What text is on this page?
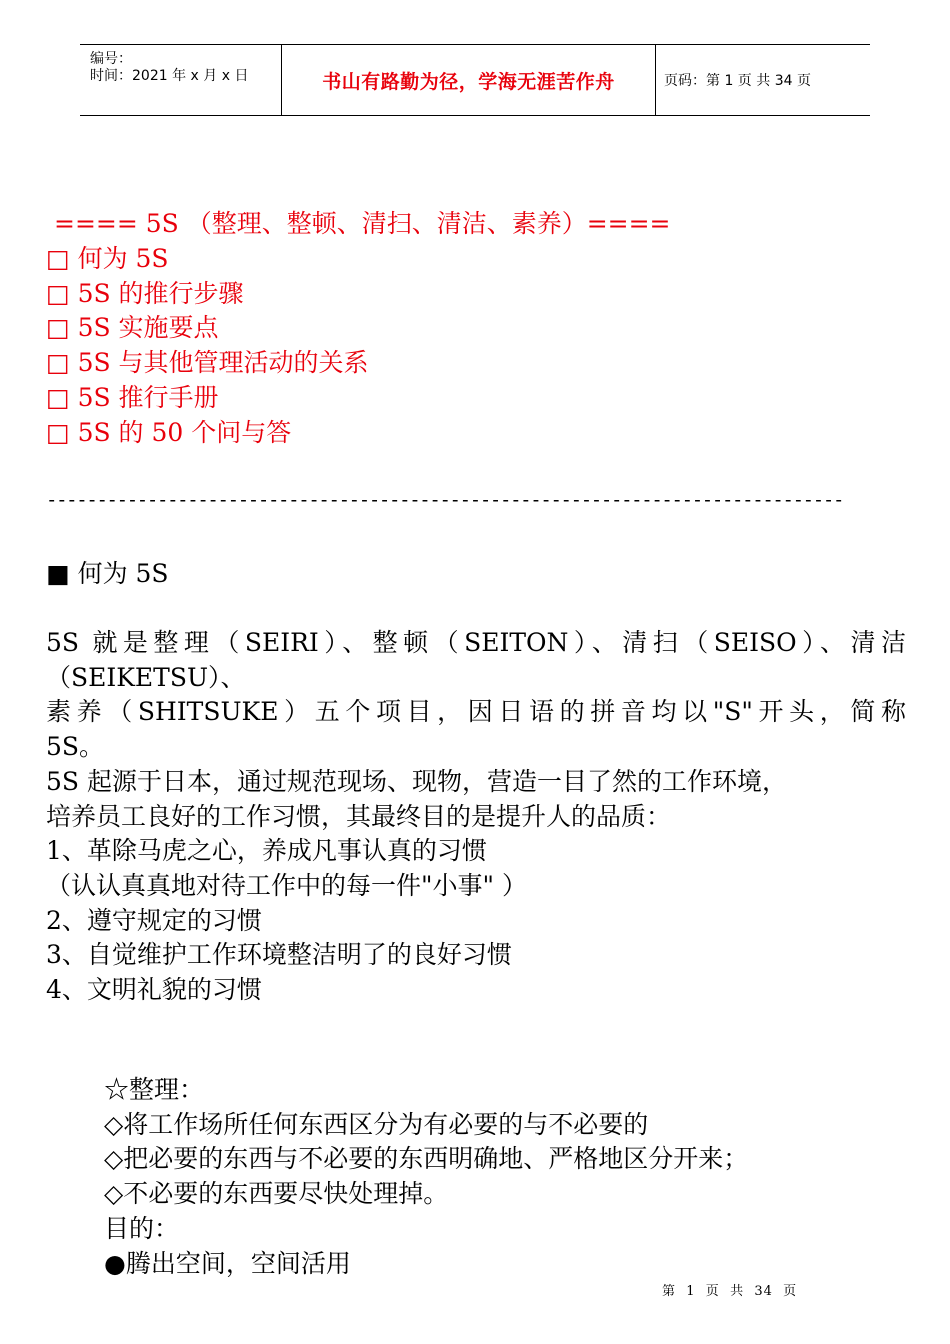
编号：
时间：2021 年 x 月 x 日	书山有路勤为径，学海无涯苦作舟	页码：第 1 页 共 34 页
==== 5S （整理、整顿、清扫、清洁、素养）====
□ 何为 5S
□ 5S 的推行步骤
□ 5S 实施要点
□ 5S 与其他管理活动的关系
□ 5S 推行手册
□ 5S 的 50 个问与答
-------------------------------------------------------------------------------
■ 何为 5S
5S 就是整理（SEIRI）、整顿（SEITON）、清扫（SEISO）、清洁
（SEIKETSU）、
素养（SHITSUKE）五个项目，因日语的拼音均以"S"开头，简称
5S。
5S 起源于日本，通过规范现场、现物，营造一目了然的工作环境，
培养员工良好的工作习惯，其最终目的是提升人的品质：
1、革除马虎之心，养成凡事认真的习惯
（认认真真地对待工作中的每一件"小事" ）
2、遵守规定的习惯
3、自觉维护工作环境整洁明了的良好习惯
4、文明礼貌的习惯
☆整理：
◇将工作场所任何东西区分为有必要的与不必要的
◇把必要的东西与不必要的东西明确地、严格地区分开来；
◇不必要的东西要尽快处理掉。
目的：
●腾出空间，空间活用
第  1  页  共  34  页
